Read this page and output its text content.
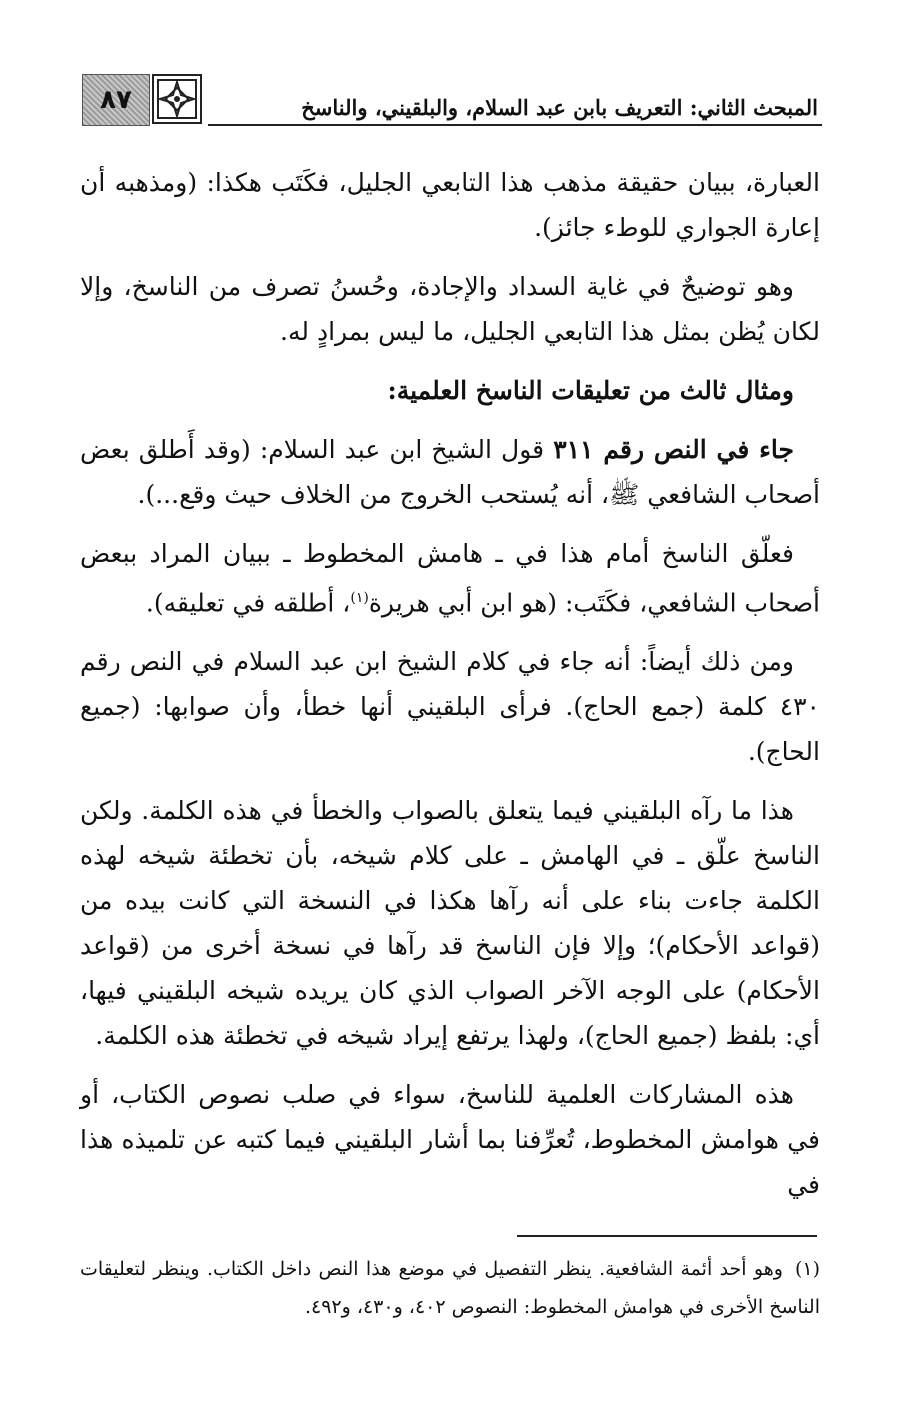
٨٧	المبحث الثاني: التعريف بابن عبد السلام، والبلقيني، والناسخ

العبارة، ببيان حقيقة مذهب هذا التابعي الجليل، فكَتَب هكذا: (ومذهبه أن إعارة الجواري للوطء جائز).

وهو توضيحٌ في غاية السداد والإجادة، وحُسنُ تصرف من الناسخ، وإلا لكان يُظن بمثل هذا التابعي الجليل، ما ليس بمرادٍ له.

ومثال ثالث من تعليقات الناسخ العلمية:

جاء في النص رقم ٣١١ قول الشيخ ابن عبد السلام: (وقد أَطلق بعض أصحاب الشافعي ﷺ، أنه يُستحب الخروج من الخلاف حيث وقع...).

فعلّق الناسخ أمام هذا في ـ هامش المخطوط ـ ببيان المراد ببعض أصحاب الشافعي، فكَتَب: (هو ابن أبي هريرة$^{(١)}$، أطلقه في تعليقه).

ومن ذلك أيضاً: أنه جاء في كلام الشيخ ابن عبد السلام في النص رقم ٤٣٠ كلمة (جمع الحاج). فرأى البلقيني أنها خطأ، وأن صوابها: (جميع الحاج).

هذا ما رآه البلقيني فيما يتعلق بالصواب والخطأ في هذه الكلمة. ولكن الناسخ علّق ـ في الهامش ـ على كلام شيخه، بأن تخطئة شيخه لهذه الكلمة جاءت بناء على أنه رآها هكذا في النسخة التي كانت بيده من (قواعد الأحكام)؛ وإلا فإن الناسخ قد رآها في نسخة أخرى من (قواعد الأحكام) على الوجه الآخر الصواب الذي كان يريده شيخه البلقيني فيها، أي: بلفظ (جميع الحاج)، ولهذا يرتفع إيراد شيخه في تخطئة هذه الكلمة.

هذه المشاركات العلمية للناسخ، سواء في صلب نصوص الكتاب، أو في هوامش المخطوط، تُعرِّفنا بما أشار البلقيني فيما كتبه عن تلميذه هذا في

(١)وهو أحد أئمة الشافعية. ينظر التفصيل في موضع هذا النص داخل الكتاب. وينظر لتعليقات الناسخ الأخرى في هوامش المخطوط: النصوص ٤٠٢، و٤٣٠، و٤٩٢.
